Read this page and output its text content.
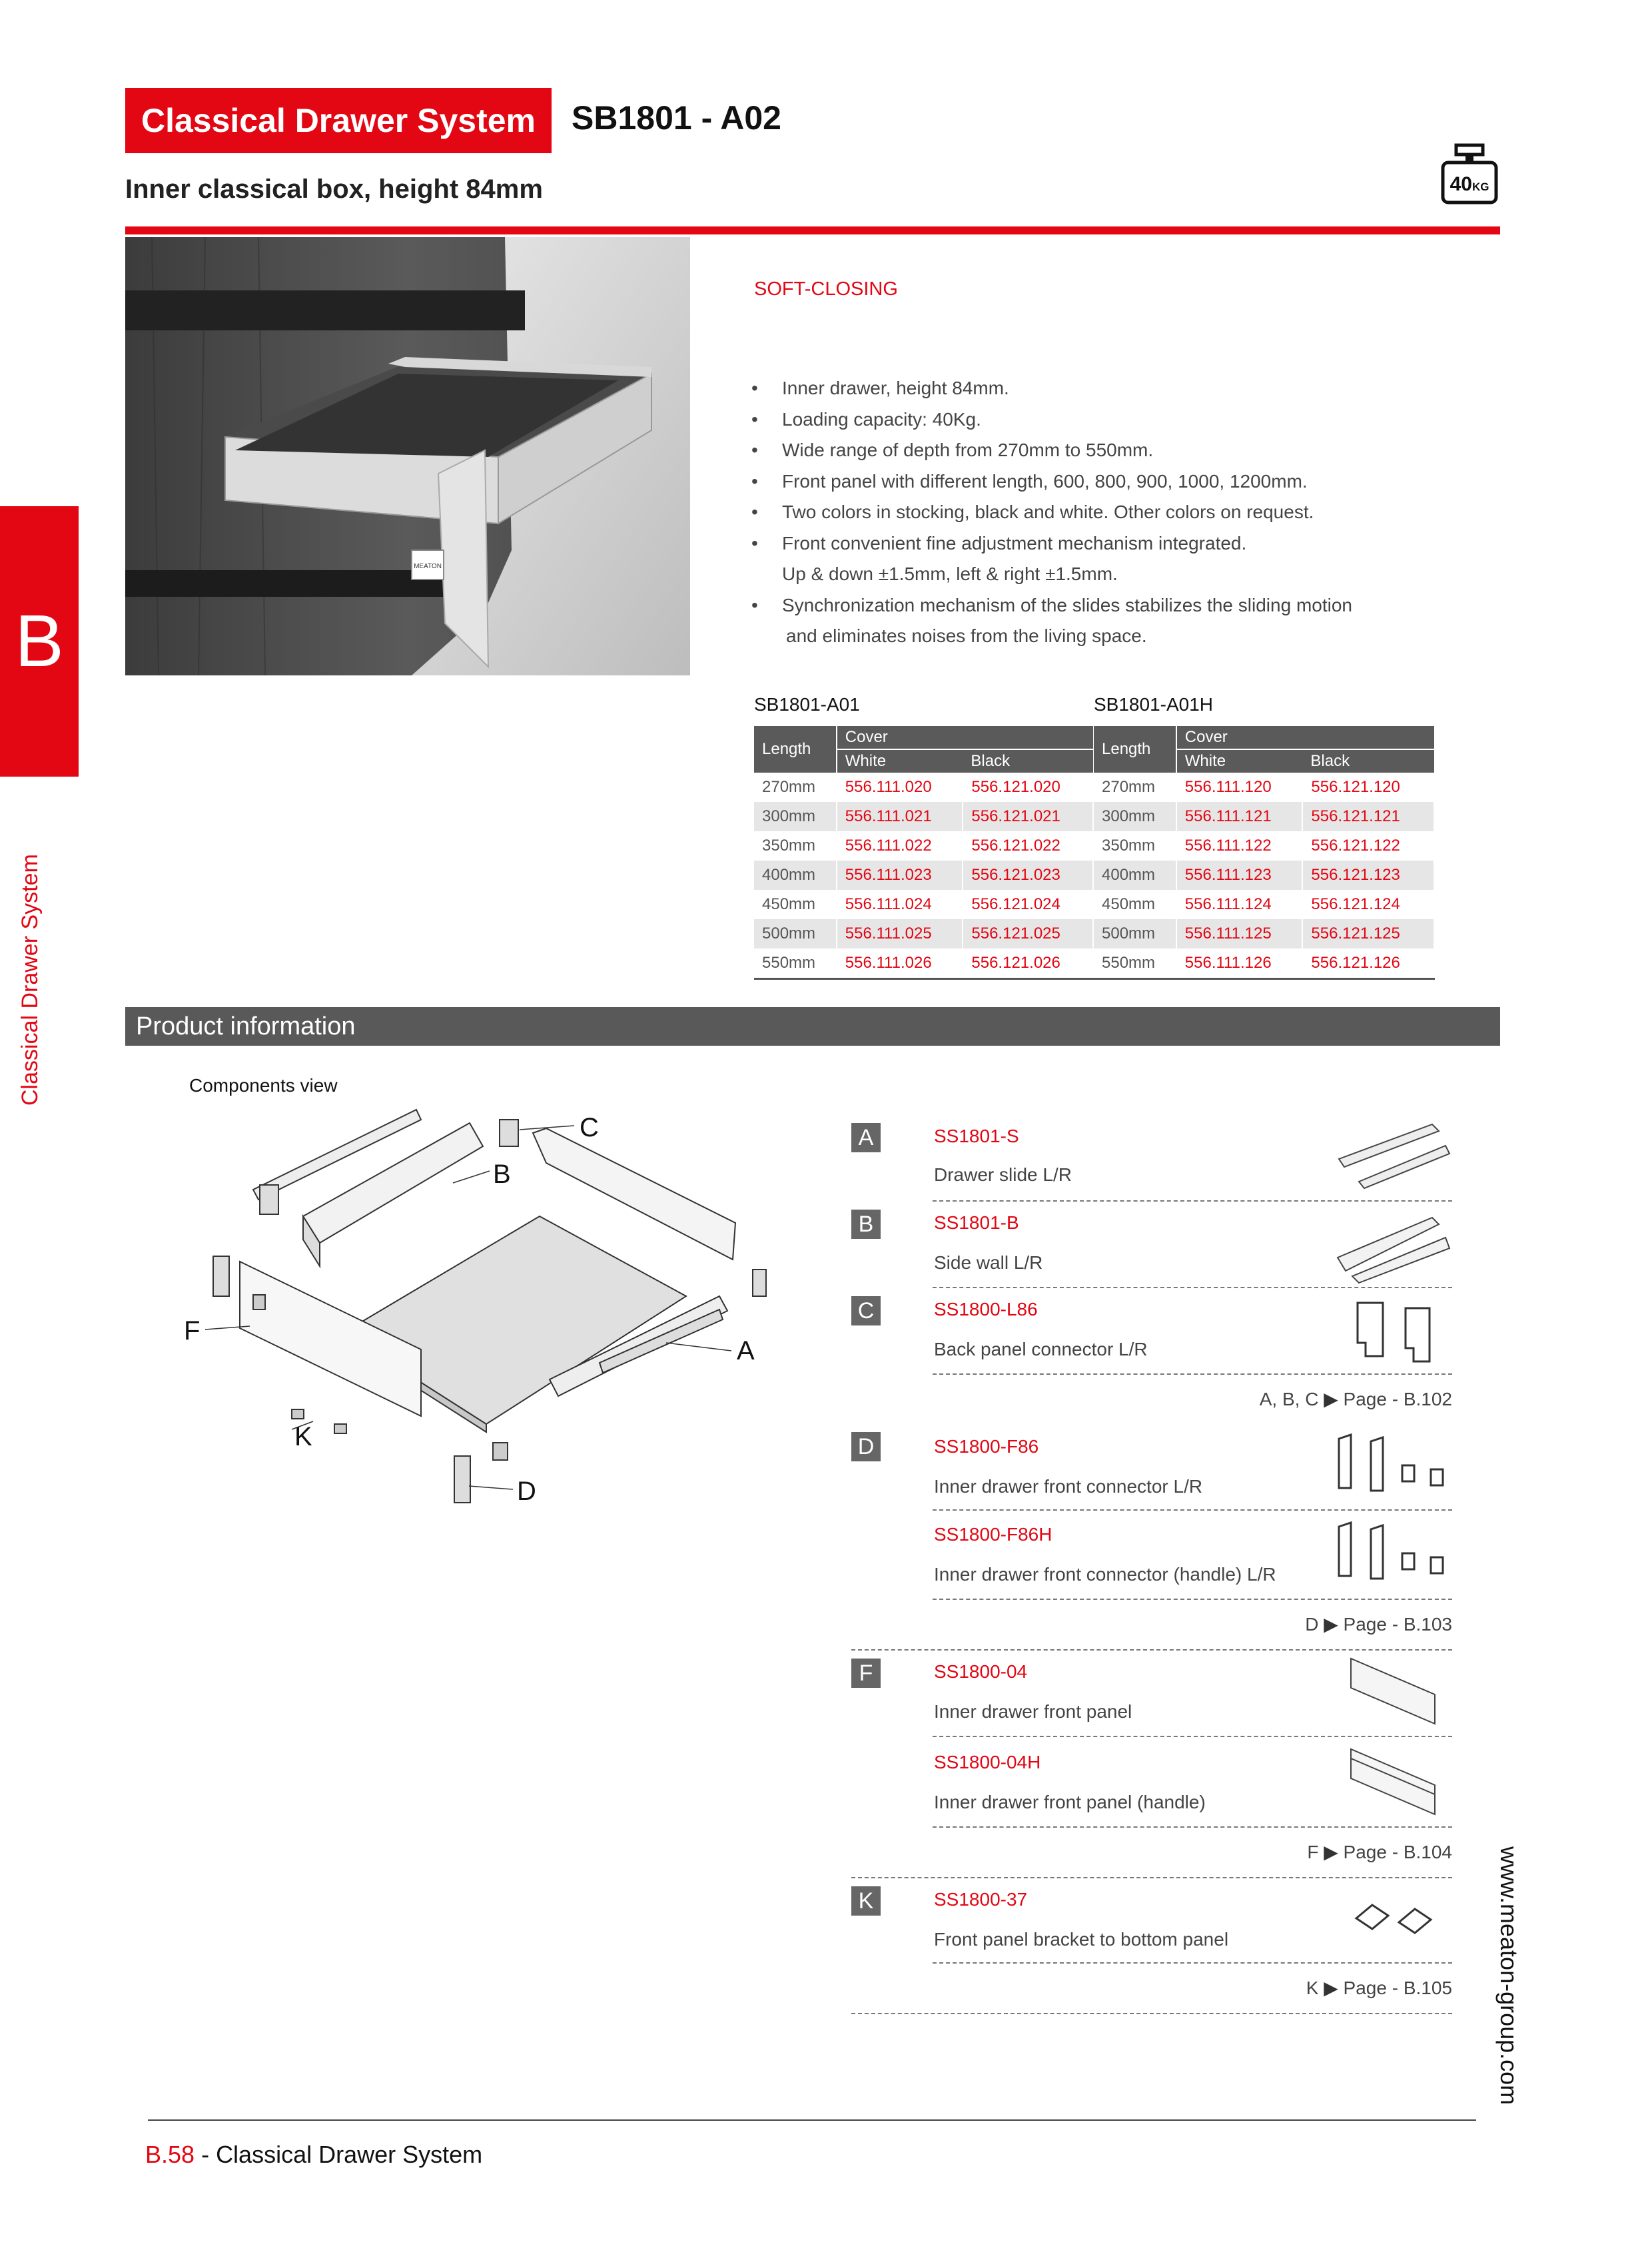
Classical Drawer System	SB1801 - A02
Inner classical box, height 84mm	40KG
B
Classical Drawer System
MEATON
SOFT-CLOSING
• Inner drawer, height 84mm.
• Loading capacity: 40Kg.
• Wide range of depth from 270mm to 550mm.
• Front panel with different length, 600, 800, 900, 1000, 1200mm.
• Two colors in stocking, black and white. Other colors on request.
• Front convenient fine adjustment mechanism integrated.
Up & down ±1.5mm, left & right ±1.5mm.
• Synchronization mechanism of the slides stabilizes the sliding motion
and eliminates noises from the living space.
SB1801-A01	SB1801-A01H
Length	Cover	
	White	Black
270mm	556.111.020	556.121.020
300mm	556.111.021	556.121.021
350mm	556.111.022	556.121.022
400mm	556.111.023	556.121.023
450mm	556.111.024	556.121.024
500mm	556.111.025	556.121.025
550mm	556.111.026	556.121.026
Length	Cover	
	White	Black
270mm	556.111.120	556.121.120
300mm	556.111.121	556.121.121
350mm	556.111.122	556.121.122
400mm	556.111.123	556.121.123
450mm	556.111.124	556.121.124
500mm	556.111.125	556.121.125
550mm	556.111.126	556.121.126
Product information
Components view
C
B
A
F
K
D
A	SS1801-S
Drawer slide L/R
B	SS1801-B
Side wall L/R
C	SS1800-L86
Back panel connector L/R
A, B, C ▶ Page - B.102
D	SS1800-F86
Inner drawer front connector L/R
SS1800-F86H
Inner drawer front connector (handle) L/R
D ▶ Page - B.103
F	SS1800-04
Inner drawer front panel
SS1800-04H
Inner drawer front panel (handle)
F ▶ Page - B.104
K	SS1800-37
Front panel bracket to bottom panel
K ▶ Page - B.105 www.meaton-group.com
B.58 - Classical Drawer System
